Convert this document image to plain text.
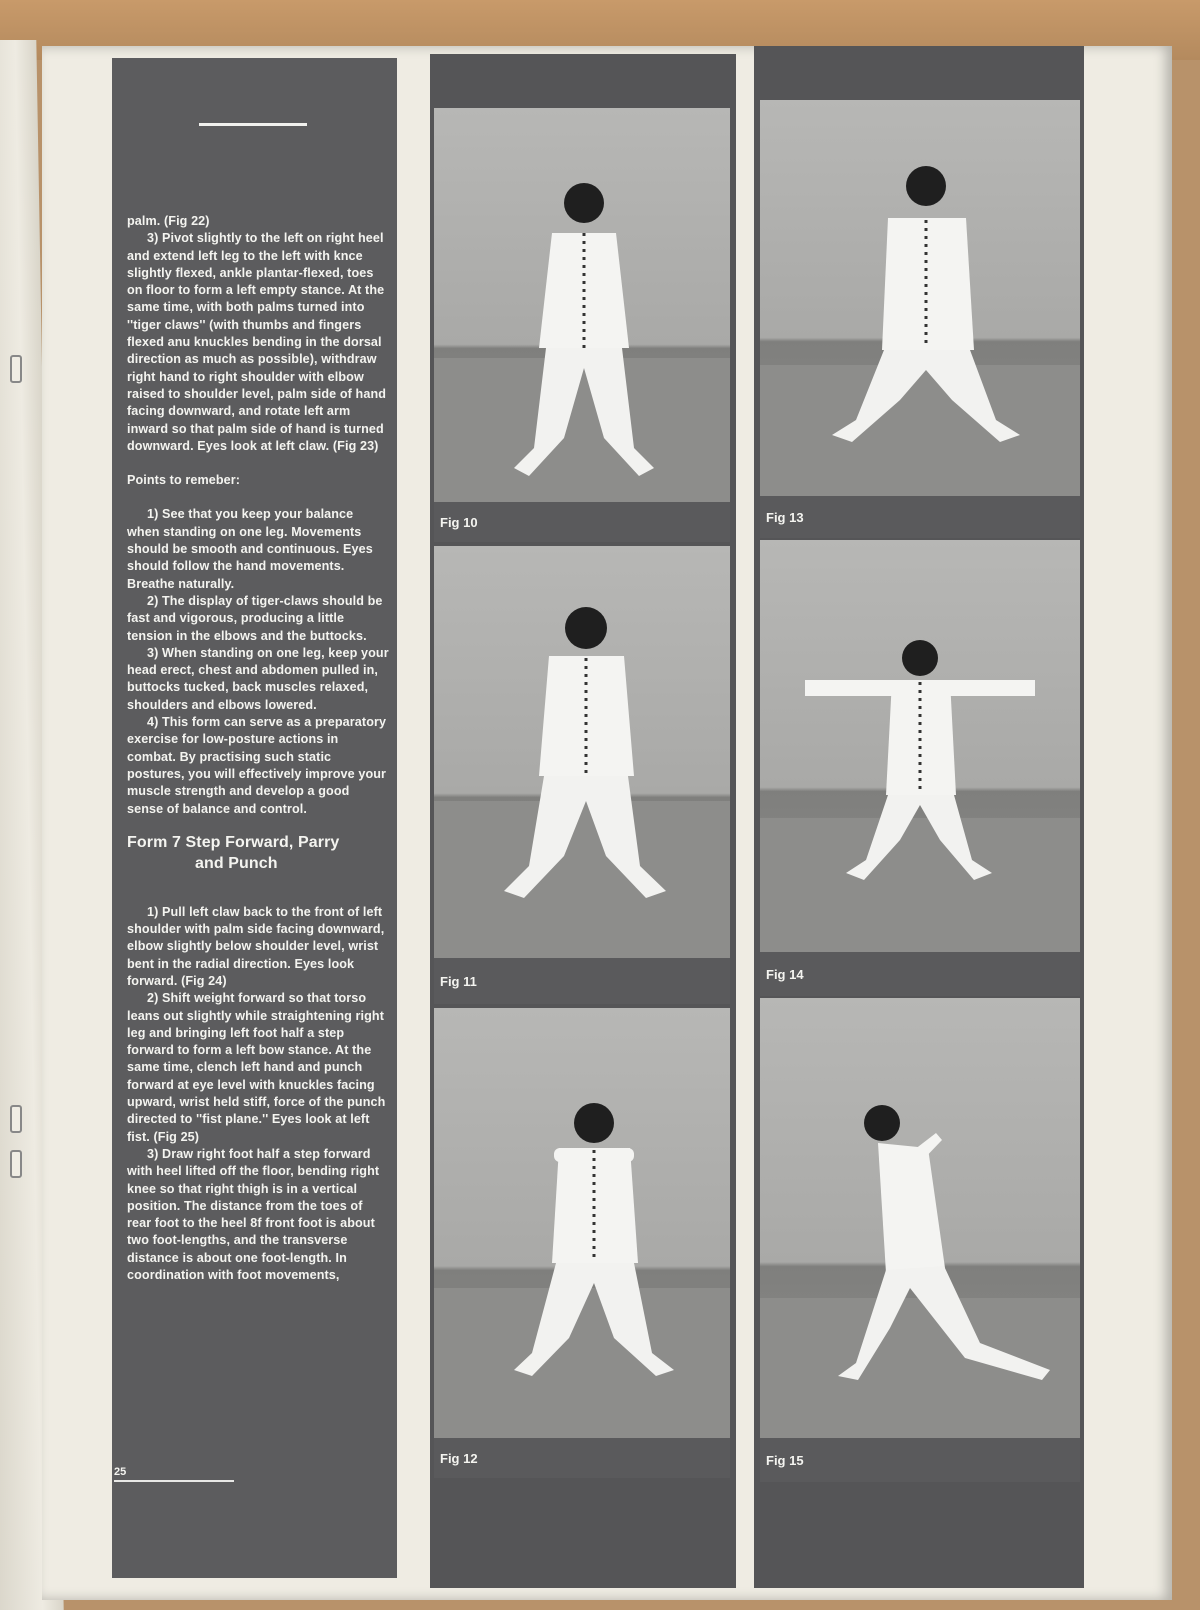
palm. (Fig 22)

3) Pivot slightly to the left on right heel and extend left leg to the left with knce slightly flexed, ankle plantar-flexed, toes on floor to form a left empty stance. At the same time, with both palms turned into ''tiger claws'' (with thumbs and fingers flexed anu knuckles bending in the dorsal direction as much as possible), withdraw right hand to right shoulder with elbow raised to shoulder level, palm side of hand facing downward, and rotate left arm inward so that palm side of hand is turned downward. Eyes look at left claw. (Fig 23)

Points to remeber:

1) See that you keep your balance when standing on one leg. Movements should be smooth and continuous. Eyes should follow the hand movements. Breathe naturally.

2) The display of tiger-claws should be fast and vigorous, producing a little tension in the elbows and the buttocks.

3) When standing on one leg, keep your head erect, chest and abdomen pulled in, buttocks tucked, back muscles relaxed, shoulders and elbows lowered.

4) This form can serve as a preparatory exercise for low-posture actions in combat. By practising such static postures, you will effectively improve your muscle strength and develop a good sense of balance and control.

Form 7 Step Forward, Parry
and Punch

1) Pull left claw back to the front of left shoulder with palm side facing downward, elbow slightly below shoulder level, wrist bent in the radial direction. Eyes look forward. (Fig 24)

2) Shift weight forward so that torso leans out slightly while straightening right leg and bringing left foot half a step forward to form a left bow stance. At the same time, clench left hand and punch forward at eye level with knuckles facing upward, wrist held stiff, force of the punch directed to ''fist plane.'' Eyes look at left fist. (Fig 25)

3) Draw right foot half a step forward with heel lifted off the floor, bending right knee so that right thigh is in a vertical position. The distance from the toes of rear foot to the heel 8f front foot is about two foot-lengths, and the transverse distance is about one foot-length. In coordination with foot movements,

25
Fig 10
Fig 11
Fig 12
Fig 13
Fig 14
Fig 15
